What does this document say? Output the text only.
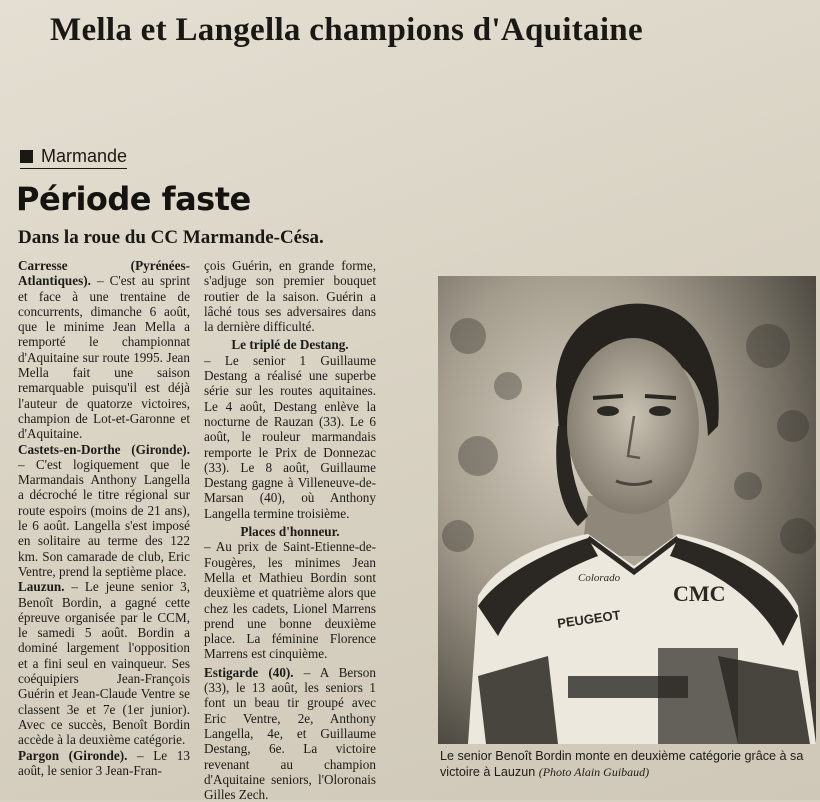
Mella et Langella champions d'Aquitaine
Marmande
Période faste
Dans la roue du CC Marmande-Césa.

Carresse (Pyrénées-Atlantiques). – C'est au sprint et face à une trentaine de concurrents, dimanche 6 août, que le minime Jean Mella a remporté le championnat d'Aquitaine sur route 1995. Jean Mella fait une saison remarquable puisqu'il est déjà l'auteur de quatorze victoires, champion de Lot-et-Garonne et d'Aquitaine.

Castets-en-Dorthe (Gironde). – C'est logiquement que le Marmandais Anthony Langella a décroché le titre régional sur route espoirs (moins de 21 ans), le 6 août. Langella s'est imposé en solitaire au terme des 122 km. Son camarade de club, Eric Ventre, prend la septième place.

Lauzun. – Le jeune senior 3, Benoît Bordin, a gagné cette épreuve organisée par le CCM, le samedi 5 août. Bordin a dominé largement l'opposition et a fini seul en vainqueur. Ses coéquipiers Jean-François Guérin et Jean-Claude Ventre se classent 3e et 7e (1er junior). Avec ce succès, Benoît Bordin accède à la deuxième catégorie.

Pargon (Gironde). – Le 13 août, le senior 3 Jean-Fran-

çois Guérin, en grande forme, s'adjuge son premier bouquet routier de la saison. Guérin a lâché tous ses adversaires dans la dernière difficulté.

Le triplé de Destang.

– Le senior 1 Guillaume Destang a réalisé une superbe série sur les routes aquitaines. Le 4 août, Destang enlève la nocturne de Rauzan (33). Le 6 août, le rouleur marmandais remporte le Prix de Donnezac (33). Le 8 août, Guillaume Destang gagne à Villeneuve-de-Marsan (40), où Anthony Langella termine troisième.

Places d'honneur.

– Au prix de Saint-Etienne-de-Fougères, les minimes Jean Mella et Mathieu Bordin sont deuxième et quatrième alors que chez les cadets, Lionel Marrens prend une bonne deuxième place. La féminine Florence Marrens est cinquième.

Estigarde (40). – A Berson (33), le 13 août, les seniors 1 font un beau tir groupé avec Eric Ventre, 2e, Anthony Langella, 4e, et Guillaume Destang, 6e. La victoire revenant au champion d'Aquitaine seniors, l'Oloronais Gilles Zech.

CMC
PEUGEOT
Colorado
Le senior Benoît Bordin monte en deuxième catégorie grâce à sa victoire à Lauzun (Photo Alain Guibaud)
